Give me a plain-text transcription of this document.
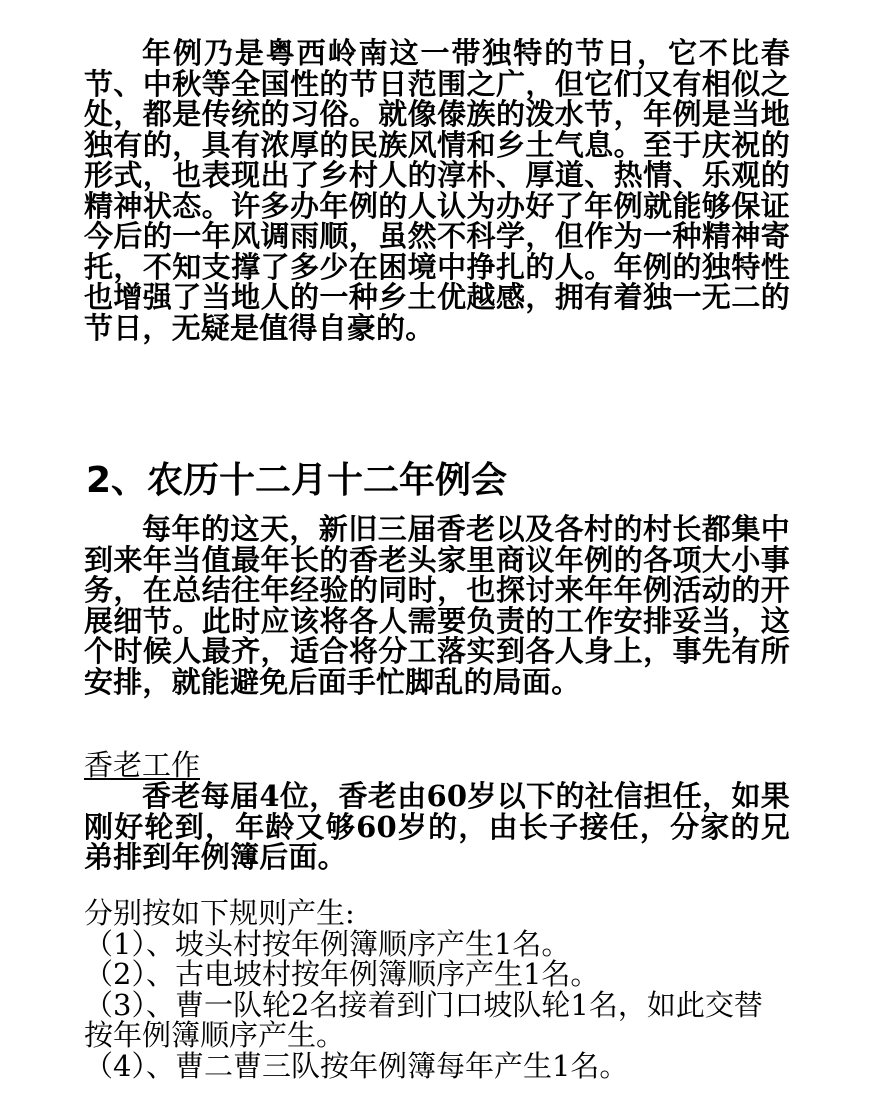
年例乃是粤西岭南这一带独特的节日，它不比春节、中秋等全国性的节日范围之广，但它们又有相似之处，都是传统的习俗。就像傣族的泼水节，年例是当地独有的，具有浓厚的民族风情和乡土气息。至于庆祝的形式，也表现出了乡村人的淳朴、厚道、热情、乐观的精神状态。许多办年例的人认为办好了年例就能够保证今后的一年风调雨顺，虽然不科学，但作为一种精神寄托，不知支撑了多少在困境中挣扎的人。年例的独特性也增强了当地人的一种乡土优越感，拥有着独一无二的节日，无疑是值得自豪的。

2、农历十二月十二年例会

每年的这天，新旧三届香老以及各村的村长都集中到来年当值最年长的香老头家里商议年例的各项大小事务，在总结往年经验的同时，也探讨来年年例活动的开展细节。此时应该将各人需要负责的工作安排妥当，这个时候人最齐，适合将分工落实到各人身上，事先有所安排，就能避免后面手忙脚乱的局面。

香老工作

香老每届4位，香老由60岁以下的社信担任，如果刚好轮到，年龄又够60岁的，由长子接任，分家的兄弟排到年例簿后面。

分别按如下规则产生:
（1）、坡头村按年例簿顺序产生1名。
（2）、古电坡村按年例簿顺序产生1名。
（3）、曹一队轮2名接着到门口坡队轮1名，如此交替按年例簿顺序产生。
（4）、曹二曹三队按年例簿每年产生1名。
